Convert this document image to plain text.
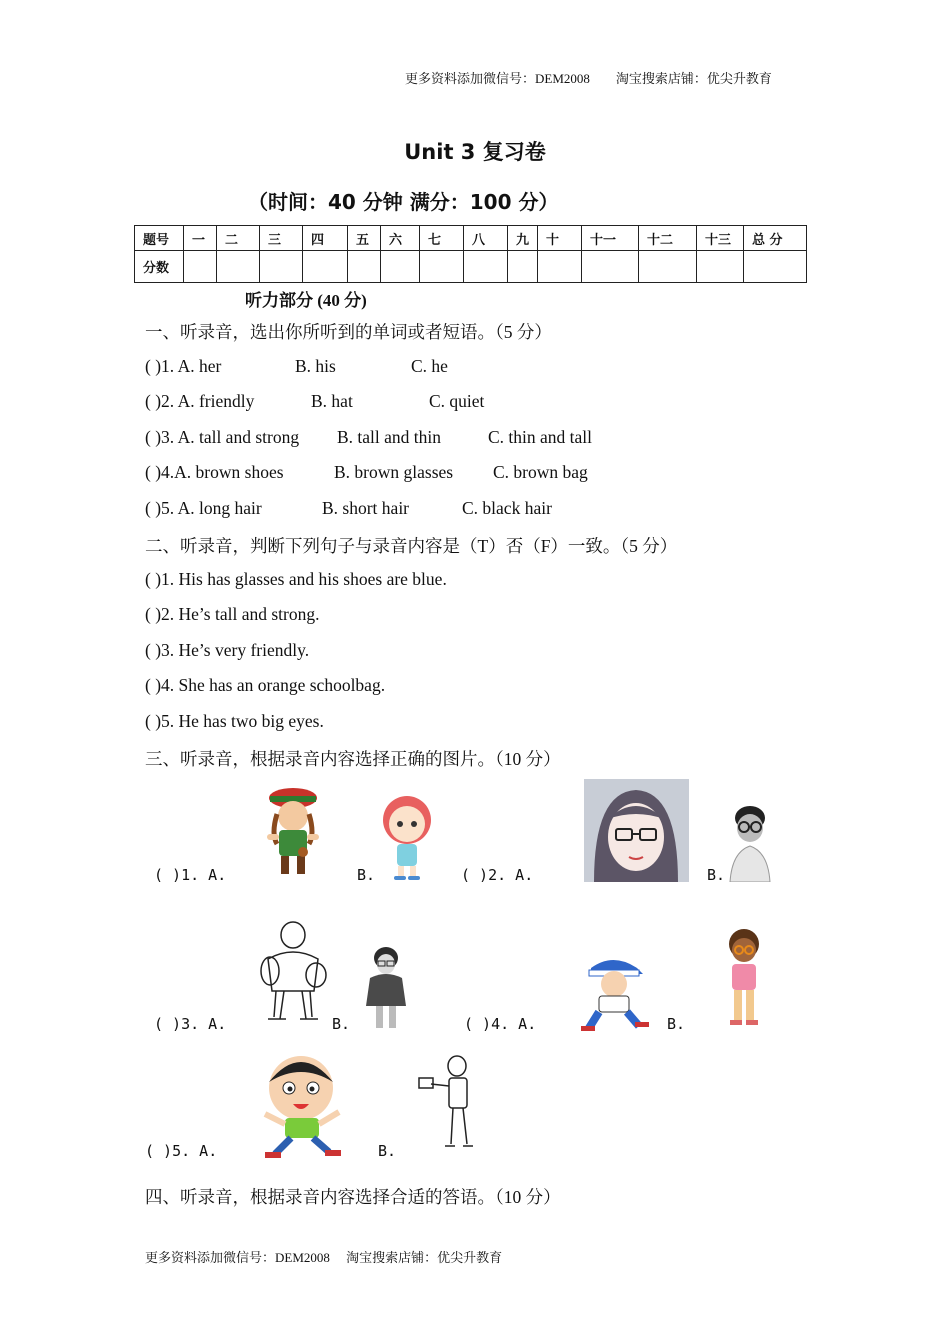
更多资料添加微信号：DEM2008　　淘宝搜索店铺：优尖升教育
Unit 3 复习卷
（时间：40 分钟 满分：100 分）
题号	一	二	三	四	五	六	七	八	九	十	十一	十二	十三	总 分
分数														
听力部分 (40 分)
一、听录音，选出你所听到的单词或者短语。（5 分）
( )1. A. her	B. his	C. he
( )2. A. friendly	B. hat	C. quiet
( )3. A. tall and strong B. tall and thin	C. thin and tall
( )4.A. brown shoes	B. brown glasses C. brown bag
( )5. A. long hair	B. short hair	C. black hair
二、听录音，判断下列句子与录音内容是（T）否（F）一致。（5 分）
( )1. His has glasses and his shoes are blue.
( )2. He’s tall and strong.
( )3. He’s very friendly.
( )4. She has an orange schoolbag.
( )5. He has two big eyes.
三、听录音，根据录音内容选择正确的图片。（10 分）
( )1. A.	B.	( )2. A.	B.
( )3. A.	B.	( )4. A.	B.
( )5. A.	B.
四、听录音，根据录音内容选择合适的答语。（10 分）
更多资料添加微信号：DEM2008　 淘宝搜索店铺：优尖升教育
